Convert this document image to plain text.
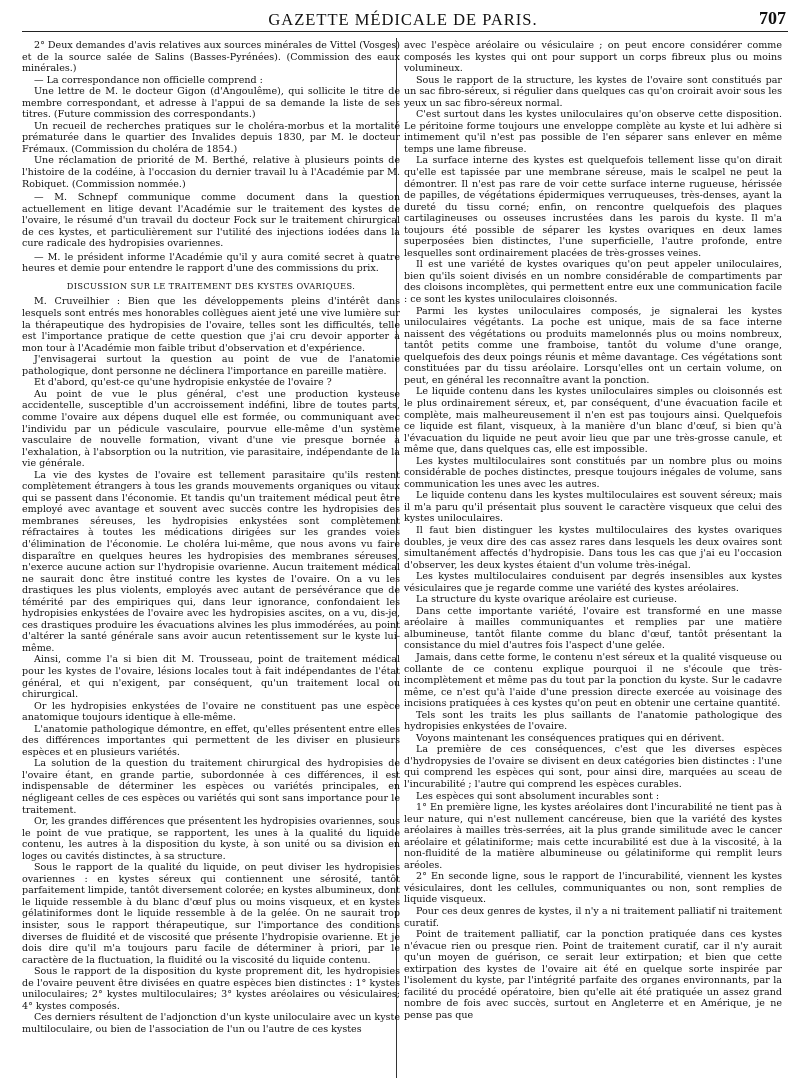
GAZETTE MÉDICALE DE PARIS.	707

2° Deux demandes d'avis relatives aux sources minérales de Vittel (Vosges) et de la source salée de Salins (Basses-Pyrénées). (Commission des eaux minérales.)

— La correspondance non officielle comprend :

Une lettre de M. le docteur Gigon (d'Angoulême), qui sollicite le titre de membre correspondant, et adresse à l'appui de sa demande la liste de ses titres. (Future commission des correspondants.)

Un recueil de recherches pratiques sur le choléra-morbus et la mortalité prématurée dans le quartier des Invalides depuis 1830, par M. le docteur Frémaux. (Commission du choléra de 1854.)

Une réclamation de priorité de M. Berthé, relative à plusieurs points de l'histoire de la codéine, à l'occasion du dernier travail lu à l'Académie par M. Robiquet. (Commission nommée.)

— M. Schnepf communique comme document dans la question actuellement en litige devant l'Académie sur le traitement des kystes de l'ovaire, le résumé d'un travail du docteur Fock sur le traitement chirurgical de ces kystes, et particulièrement sur l'utilité des injections iodées dans la cure radicale des hydropisies ovariennes.

— M. le président informe l'Académie qu'il y aura comité secret à quatre heures et demie pour entendre le rapport d'une des commissions du prix.

DISCUSSION SUR LE TRAITEMENT DES KYSTES OVARIQUES.

M. Cruveilhier : Bien que les développements pleins d'intérêt dans lesquels sont entrés mes honorables collègues aient jeté une vive lumière sur la thérapeutique des hydropisies de l'ovaire, telles sont les difficultés, telle est l'importance pratique de cette question que j'ai cru devoir apporter à mon tour à l'Académie mon faible tribut d'observation et d'expérience.

J'envisagerai surtout la question au point de vue de l'anatomie pathologique, dont personne ne déclinera l'importance en pareille matière.

Et d'abord, qu'est-ce qu'une hydropisie enkystée de l'ovaire ?

Au point de vue le plus général, c'est une production kysteuse accidentelle, susceptible d'un accroissement indéfini, libre de toutes parts, comme l'ovaire aux dépens duquel elle est formée, ou communiquant avec l'individu par un pédicule vasculaire, pourvue elle-même d'un système vasculaire de nouvelle formation, vivant d'une vie presque bornée à l'exhalation, à l'absorption ou la nutrition, vie parasitaire, indépendante de la vie générale.

La vie des kystes de l'ovaire est tellement parasitaire qu'ils restent complètement étrangers à tous les grands mouvements organiques ou vitaux qui se passent dans l'économie. Et tandis qu'un traitement médical peut être employé avec avantage et souvent avec succès contre les hydropisies des membranes séreuses, les hydropisies enkystées sont complètement réfractaires à toutes les médications dirigées sur les grandes voies d'élimination de l'économie. Le choléra lui-même, que nous avons vu faire disparaître en quelques heures les hydropisies des membranes séreuses, n'exerce aucune action sur l'hydropisie ovarienne. Aucun traitement médical ne saurait donc être institué contre les kystes de l'ovaire. On a vu les drastiques les plus violents, employés avec autant de persévérance que de témérité par des empiriques qui, dans leur ignorance, confondaient les hydropisies enkystées de l'ovaire avec les hydropisies ascites, on a vu, dis-je, ces drastiques produire les évacuations alvines les plus immodérées, au point d'altérer la santé générale sans avoir aucun retentissement sur le kyste lui-même.

Ainsi, comme l'a si bien dit M. Trousseau, point de traitement médical pour les kystes de l'ovaire, lésions locales tout à fait indépendantes de l'état général, et qui n'exigent, par conséquent, qu'un traitement local ou chirurgical.

Or les hydropisies enkystées de l'ovaire ne constituent pas une espèce anatomique toujours identique à elle-même.

L'anatomie pathologique démontre, en effet, qu'elles présentent entre elles des différences importantes qui permettent de les diviser en plusieurs espèces et en plusieurs variétés.

La solution de la question du traitement chirurgical des hydropisies de l'ovaire étant, en grande partie, subordonnée à ces différences, il est indispensable de déterminer les espèces ou variétés principales, en négligeant celles de ces espèces ou variétés qui sont sans importance pour le traitement.

Or, les grandes différences que présentent les hydropisies ovariennes, sous le point de vue pratique, se rapportent, les unes à la qualité du liquide contenu, les autres à la disposition du kyste, à son unité ou sa division en loges ou cavités distinctes, à sa structure.

Sous le rapport de la qualité du liquide, on peut diviser les hydropisies ovariennes : en kystes séreux qui contiennent une sérosité, tantôt parfaitement limpide, tantôt diversement colorée; en kystes albumineux, dont le liquide ressemble à du blanc d'œuf plus ou moins visqueux, et en kystes gélatiniformes dont le liquide ressemble à de la gelée. On ne saurait trop insister, sous le rapport thérapeutique, sur l'importance des conditions diverses de fluidité et de viscosité que présente l'hydropisie ovarienne. Et je dois dire qu'il m'a toujours paru facile de déterminer à priori, par le caractère de la fluctuation, la fluidité ou la viscosité du liquide contenu.

Sous le rapport de la disposition du kyste proprement dit, les hydropisies de l'ovaire peuvent être divisées en quatre espèces bien distinctes : 1° kystes uniloculaires; 2° kystes multiloculaires; 3° kystes aréolaires ou vésiculaires; 4° kystes composés.

Ces derniers résultent de l'adjonction d'un kyste uniloculaire avec un kyste multiloculaire, ou bien de l'association de l'un ou l'autre de ces kystes

avec l'espèce aréolaire ou vésiculaire ; on peut encore considérer comme composés les kystes qui ont pour support un corps fibreux plus ou moins volumineux.

Sous le rapport de la structure, les kystes de l'ovaire sont constitués par un sac fibro-séreux, si régulier dans quelques cas qu'on croirait avoir sous les yeux un sac fibro-séreux normal.

C'est surtout dans les kystes uniloculaires qu'on observe cette disposition. Le péritoine forme toujours une enveloppe complète au kyste et lui adhère si intimement qu'il n'est pas possible de l'en séparer sans enlever en même temps une lame fibreuse.

La surface interne des kystes est quelquefois tellement lisse qu'on dirait qu'elle est tapissée par une membrane séreuse, mais le scalpel ne peut la démontrer. Il n'est pas rare de voir cette surface interne rugueuse, hérissée de papilles, de végétations épidermiques verruqueuses, très-denses, ayant la dureté du tissu corné; enfin, on rencontre quelquefois des plaques cartilagineuses ou osseuses incrustées dans les parois du kyste. Il m'a toujours été possible de séparer les kystes ovariques en deux lames superposées bien distinctes, l'une superficielle, l'autre profonde, entre lesquelles sont ordinairement placées de très-grosses veines.

Il est une variété de kystes ovariques qu'on peut appeler uniloculaires, bien qu'ils soient divisés en un nombre considérable de compartiments par des cloisons incomplètes, qui permettent entre eux une communication facile : ce sont les kystes uniloculaires cloisonnés.

Parmi les kystes uniloculaires composés, je signalerai les kystes uniloculaires végétants. La poche est unique, mais de sa face interne naissent des végétations ou produits mamelonnés plus ou moins nombreux, tantôt petits comme une framboise, tantôt du volume d'une orange, quelquefois des deux poings réunis et même davantage. Ces végétations sont constituées par du tissu aréolaire. Lorsqu'elles ont un certain volume, on peut, en général les reconnaître avant la ponction.

Le liquide contenu dans les kystes uniloculaires simples ou cloisonnés est le plus ordinairement séreux, et, par conséquent, d'une évacuation facile et complète, mais malheureusement il n'en est pas toujours ainsi. Quelquefois ce liquide est filant, visqueux, à la manière d'un blanc d'œuf, si bien qu'à l'évacuation du liquide ne peut avoir lieu que par une très-grosse canule, et même que, dans quelques cas, elle est impossible.

Les kystes multiloculaires sont constitués par un nombre plus ou moins considérable de poches distinctes, presque toujours inégales de volume, sans communication les unes avec les autres.

Le liquide contenu dans les kystes multiloculaires est souvent séreux; mais il m'a paru qu'il présentait plus souvent le caractère visqueux que celui des kystes uniloculaires.

Il faut bien distinguer les kystes multiloculaires des kystes ovariques doubles, je veux dire des cas assez rares dans lesquels les deux ovaires sont simultanément affectés d'hydropisie. Dans tous les cas que j'ai eu l'occasion d'observer, les deux kystes étaient d'un volume très-inégal.

Les kystes multiloculaires conduisent par degrés insensibles aux kystes vésiculaires que je regarde comme une variété des kystes aréolaires.

La structure du kyste ovarique aréolaire est curieuse.

Dans cette importante variété, l'ovaire est transformé en une masse aréolaire à mailles communiquantes et remplies par une matière albumineuse, tantôt filante comme du blanc d'œuf, tantôt présentant la consistance du miel d'autres fois l'aspect d'une gelée.

Jamais, dans cette forme, le contenu n'est séreux et la qualité visqueuse ou collante de ce contenu explique pourquoi il ne s'écoule que très-incomplètement et même pas du tout par la ponction du kyste. Sur le cadavre même, ce n'est qu'à l'aide d'une pression directe exercée au voisinage des incisions pratiquées à ces kystes qu'on peut en obtenir une certaine quantité.

Tels sont les traits les plus saillants de l'anatomie pathologique des hydropisies enkystées de l'ovaire.

Voyons maintenant les conséquences pratiques qui en dérivent.

La première de ces conséquences, c'est que les diverses espèces d'hydropysies de l'ovaire se divisent en deux catégories bien distinctes : l'une qui comprend les espèces qui sont, pour ainsi dire, marquées au sceau de l'incurabilité ; l'autre qui comprend les espèces curables.

Les espèces qui sont absolument incurables sont :

1° En première ligne, les kystes aréolaires dont l'incurabilité ne tient pas à leur nature, qui n'est nullement cancéreuse, bien que la variété des kystes aréolaires à mailles très-serrées, ait la plus grande similitude avec le cancer aréolaire et gélatiniforme; mais cette incurabilité est due à la viscosité, à la non-fluidité de la matière albumineuse ou gélatiniforme qui remplit leurs aréoles.

2° En seconde ligne, sous le rapport de l'incurabilité, viennent les kystes vésiculaires, dont les cellules, communiquantes ou non, sont remplies de liquide visqueux.

Pour ces deux genres de kystes, il n'y a ni traitement palliatif ni traitement curatif.

Point de traitement palliatif, car la ponction pratiquée dans ces kystes n'évacue rien ou presque rien. Point de traitement curatif, car il n'y aurait qu'un moyen de guérison, ce serait leur extirpation; et bien que cette extirpation des kystes de l'ovaire ait été en quelque sorte inspirée par l'isolement du kyste, par l'intégrité parfaite des organes environnants, par la facilité du procédé opératoire, bien qu'elle ait été pratiquée un assez grand nombre de fois avec succès, surtout en Angleterre et en Amérique, je ne pense pas que
